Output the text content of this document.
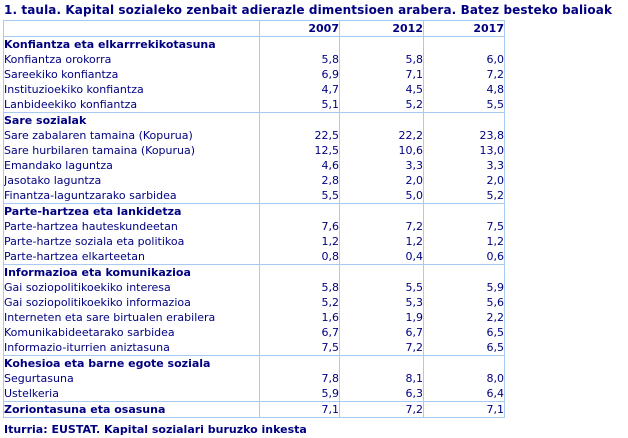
1. taula. Kapital sozialeko zenbait adierazle dimentsioen arabera. Batez besteko balioak
	2007	2012	2017
Konfiantza eta elkarrrekikotasuna			
Konfiantza orokorra	5,8	5,8	6,0
Sareekiko konfiantza	6,9	7,1	7,2
Instituzioekiko konfiantza	4,7	4,5	4,8
Lanbideekiko konfiantza	5,1	5,2	5,5
Sare sozialak			
Sare zabalaren tamaina (Kopurua)	22,5	22,2	23,8
Sare hurbilaren tamaina (Kopurua)	12,5	10,6	13,0
Emandako laguntza	4,6	3,3	3,3
Jasotako laguntza	2,8	2,0	2,0
Finantza-laguntzarako sarbidea	5,5	5,0	5,2
Parte-hartzea eta lankidetza			
Parte-hartzea hauteskundeetan	7,6	7,2	7,5
Parte-hartze soziala eta politikoa	1,2	1,2	1,2
Parte-hartzea elkarteetan	0,8	0,4	0,6
Informazioa eta komunikazioa			
Gai soziopolitikoekiko interesa	5,8	5,5	5,9
Gai soziopolitikoekiko informazioa	5,2	5,3	5,6
Interneten eta sare birtualen erabilera	1,6	1,9	2,2
Komunikabideetarako sarbidea	6,7	6,7	6,5
Informazio-iturrien aniztasuna	7,5	7,2	6,5
Kohesioa eta barne egote soziala			
Segurtasuna	7,8	8,1	8,0
Ustelkeria	5,9	6,3	6,4
Zoriontasuna eta osasuna	7,1	7,2	7,1
Iturria: EUSTAT. Kapital sozialari buruzko inkesta
